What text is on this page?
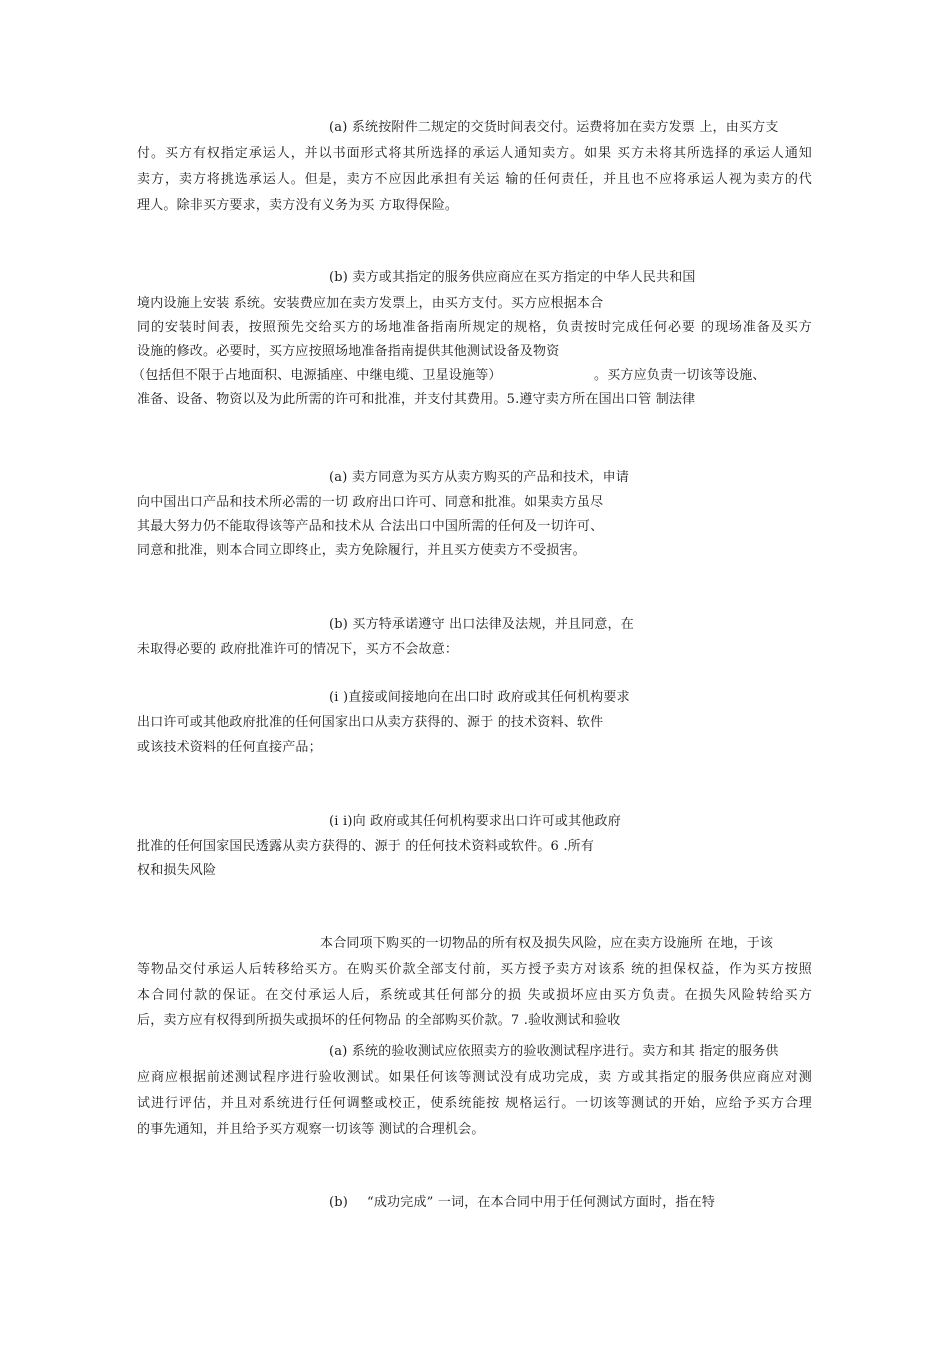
(a) 系统按附件二规定的交货时间表交付。运费将加在卖方发票 上，由买方支
付。买方有权指定承运人，并以书面形式将其所选择的承运人通知卖方。如果 买方未将其所选择的承运人通知
卖方，卖方将挑选承运人。但是，卖方不应因此承担有关运 输的任何责任，并且也不应将承运人视为卖方的代
理人。除非买方要求，卖方没有义务为买 方取得保险。
(b) 卖方或其指定的服务供应商应在买方指定的中华人民共和国
境内设施上安装 系统。安装费应加在卖方发票上，由买方支付。买方应根据本合
同的安装时间表，按照预先交给买方的场地准备指南所规定的规格，负责按时完成任何必要 的现场准备及买方
设施的修改。必要时，买方应按照场地准备指南提供其他测试设备及物资
（包括但不限于占地面积、电源插座、中继电缆、卫星设施等）	。买方应负责一切该等设施、
准备、设备、物资以及为此所需的许可和批准，并支付其费用。5.遵守卖方所在国出口管 制法律
(a) 卖方同意为买方从卖方购买的产品和技术，申请
向中国出口产品和技术所必需的一切 政府出口许可、同意和批准。如果卖方虽尽
其最大努力仍不能取得该等产品和技术从 合法出口中国所需的任何及一切许可、
同意和批准，则本合同立即终止，卖方免除履行，并且买方使卖方不受损害。
(b) 买方特承诺遵守 出口法律及法规，并且同意，在
未取得必要的 政府批准许可的情况下，买方不会故意：
(i )直接或间接地向在出口时 政府或其任何机构要求
出口许可或其他政府批准的任何国家出口从卖方获得的、源于 的技术资料、软件
或该技术资料的任何直接产品；
(i i)向 政府或其任何机构要求出口许可或其他政府
批准的任何国家国民透露从卖方获得的、源于 的任何技术资料或软件。6 .所有
权和损失风险
本合同项下购买的一切物品的所有权及损失风险，应在卖方设施所 在地，于该
等物品交付承运人后转移给买方。在购买价款全部支付前，买方授予卖方对该系 统的担保权益，作为买方按照
本合同付款的保证。在交付承运人后，系统或其任何部分的损 失或损坏应由买方负责。在损失风险转给买方
后，卖方应有权得到所损失或损坏的任何物品 的全部购买价款。7 .验收测试和验收
(a) 系统的验收测试应依照卖方的验收测试程序进行。卖方和其 指定的服务供
应商应根据前述测试程序进行验收测试。如果任何该等测试没有成功完成，卖 方或其指定的服务供应商应对测
试进行评估，并且对系统进行任何调整或校正，使系统能按 规格运行。一切该等测试的开始，应给予买方合理
的事先通知，并且给予买方观察一切该等 测试的合理机会。
(b) “成功完成” 一词，在本合同中用于任何测试方面时，指在特
